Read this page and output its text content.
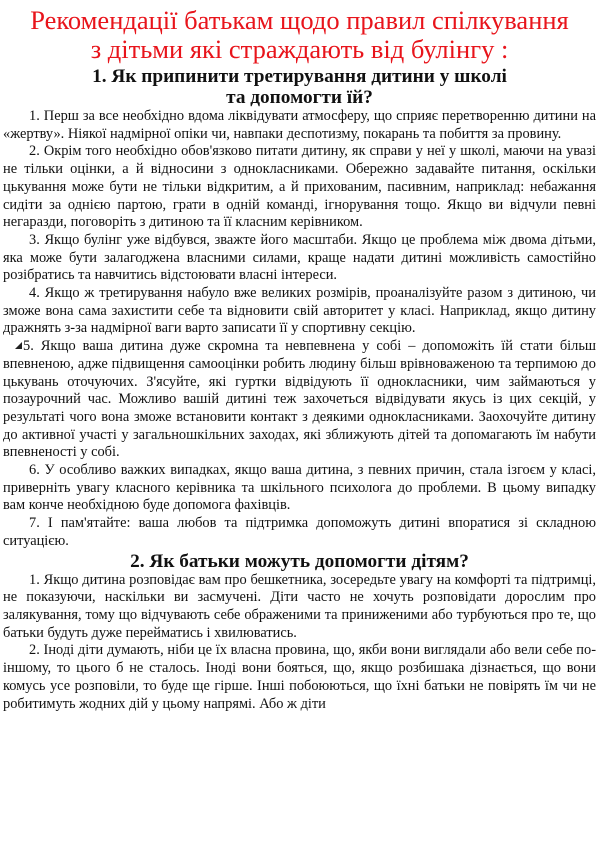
Рекомендації батькам щодо правил спілкування
з дітьми які страждають від булінгу :
1. Як припинити третирування дитини у школі
та допомогти їй?

1. Перш за все необхідно вдома ліквідувати атмосферу, що сприяє перетворенню дитини на «жертву». Ніякої надмірної опіки чи, навпаки деспотизму, покарань та побиття за провину.

2. Окрім того необхідно обов'язково питати дитину, як справи у неї у школі, маючи на увазі не тільки оцінки, а й відносини з однокласниками. Обережно задавайте питання, оскільки цькування може бути не тільки відкритим, а й прихованим, пасивним, наприклад: небажання сидіти за однією партою, грати в одній команді, ігнорування тощо. Якщо ви відчули певні негаразди, поговоріть з дитиною та її класним керівником.

3. Якщо булінг уже відбувся, зважте його масштаби. Якщо це проблема між двома дітьми, яка може бути залагоджена власними силами, краще надати дитині можливість самостійно розібратись та навчитись відстоювати власні інтереси.

4. Якщо ж третирування набуло вже великих розмірів, проаналізуйте разом з дитиною, чи зможе вона сама захистити себе та відновити свій авторитет у класі. Наприклад, якщо дитину дражнять з-за надмірної ваги варто записати її у спортивну секцію.

5. Якщо ваша дитина дуже скромна та невпевнена у собі – допоможіть їй стати більш впевненою, адже підвищення самооцінки робить людину більш врівноваженою та терпимою до цькувань оточуючих. З'ясуйте, які гуртки відвідують її однокласники, чим займаються у позаурочний час. Можливо вашій дитині теж захочеться відвідувати якусь із цих секцій, у результаті чого вона зможе встановити контакт з деякими однокласниками. Заохочуйте дитину до активної участі у загальношкільних заходах, які зближують дітей та допомагають їм набути впевненості у собі.

6. У особливо важких випадках, якщо ваша дитина, з певних причин, стала ізгоєм у класі, приверніть увагу класного керівника та шкільного психолога до проблеми. В цьому випадку вам конче необхідною буде допомога фахівців.

7. І пам'ятайте: ваша любов та підтримка допоможуть дитині впоратися зі складною ситуацією.

2. Як батьки можуть допомогти дітям?

1. Якщо дитина розповідає вам про бешкетника, зосередьте увагу на комфорті та підтримці, не показуючи, наскільки ви засмучені. Діти часто не хочуть розповідати дорослим про залякування, тому що відчувають себе ображеними та приниженими або турбуються про те, що батьки будуть дуже перейматись і хвилюватись.

2. Іноді діти думають, ніби це їх власна провина, що, якби вони виглядали або вели себе по-іншому, то цього б не сталось. Іноді вони бояться, що, якщо розбишака дізнається, що вони комусь усе розповіли, то буде ще гірше. Інші побоюються, що їхні батьки не повірять їм чи не робитимуть жодних дій у цьому напрямі. Або ж діти
